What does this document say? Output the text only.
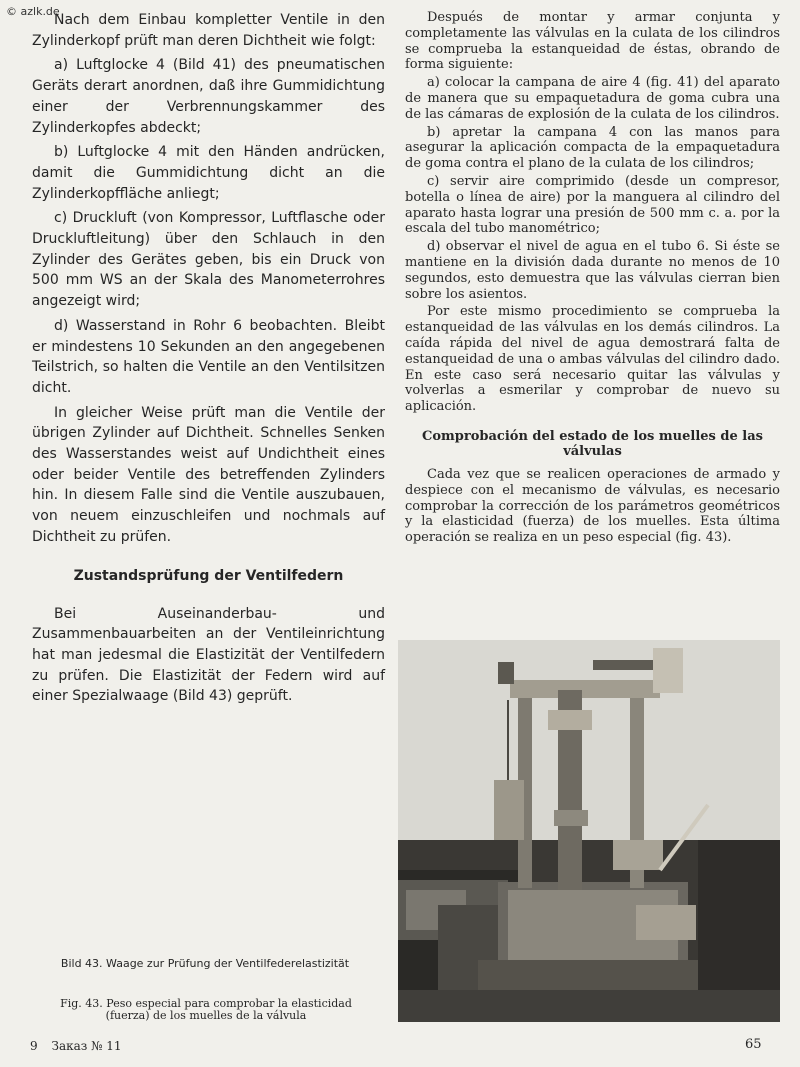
© azlk.de

Nach dem Einbau kompletter Ventile in den Zylinderkopf prüft man deren Dichtheit wie folgt:

a) Luftglocke 4 (Bild 41) des pneumatischen Geräts derart anordnen, daß ihre Gummidichtung einer der Verbrennungskammer des Zylinderkopfes abdeckt;

b) Luftglocke 4 mit den Händen andrücken, damit die Gummidichtung dicht an die Zylinderkopffläche anliegt;

c) Druckluft (von Kompressor, Luftflasche oder Druckluftleitung) über den Schlauch in den Zylinder des Gerätes geben, bis ein Druck von 500 mm WS an der Skala des Manometerrohres angezeigt wird;

d) Wasserstand in Rohr 6 beobachten. Bleibt er mindestens 10 Sekunden an den angegebenen Teilstrich, so halten die Ventile an den Ventilsitzen dicht.

In gleicher Weise prüft man die Ventile der übrigen Zylinder auf Dichtheit. Schnelles Senken des Wasserstandes weist auf Undichtheit eines oder beider Ventile des betreffenden Zylinders hin. In diesem Falle sind die Ventile auszubauen, von neuem einzuschleifen und nochmals auf Dichtheit zu prüfen.

Zustandsprüfung der Ventilfedern

Bei Auseinanderbau- und Zusammenbauarbeiten an der Ventileinrichtung hat man jedesmal die Elastizität der Ventilfedern zu prüfen. Die Elastizität der Federn wird auf einer Spezialwaage (Bild 43) geprüft.

Después de montar y armar conjunta y completamente las válvulas en la culata de los cilindros se comprueba la estanqueidad de éstas, obrando de forma siguiente:

a) colocar la campana de aire 4 (fig. 41) del aparato de manera que su empaquetadura de goma cubra una de las cámaras de explosión de la culata de los cilindros.

b) apretar la campana 4 con las manos para asegurar la aplicación compacta de la empaquetadura de goma contra el plano de la culata de los cilindros;

c) servir aire comprimido (desde un compresor, botella o línea de aire) por la manguera al cilindro del aparato hasta lograr una presión de 500 mm c. a. por la escala del tubo manométrico;

d) observar el nivel de agua en el tubo 6. Si éste se mantiene en la división dada durante no menos de 10 segundos, esto demuestra que las válvulas cierran bien sobre los asientos.

Por este mismo procedimiento se comprueba la estanqueidad de las válvulas en los demás cilindros. La caída rápida del nivel de agua demostrará falta de estanqueidad de una o ambas válvulas del cilindro dado. En este caso será necesario quitar las válvulas y volverlas a esmerilar y comprobar de nuevo su aplicación.

Comprobación del estado de los muelles de las válvulas

Cada vez que se realicen operaciones de armado y despiece con el mecanismo de válvulas, es necesario comprobar la corrección de los parámetros geométricos y la elasticidad (fuerza) de los muelles. Esta última operación se realiza en un peso especial (fig. 43).

Bild 43. Waage zur Prüfung der Ventilfederelastizität
Fig. 43. Peso especial para comprobar la elasticidad (fuerza) de los muelles de la válvula
9 Заказ № 11	65
